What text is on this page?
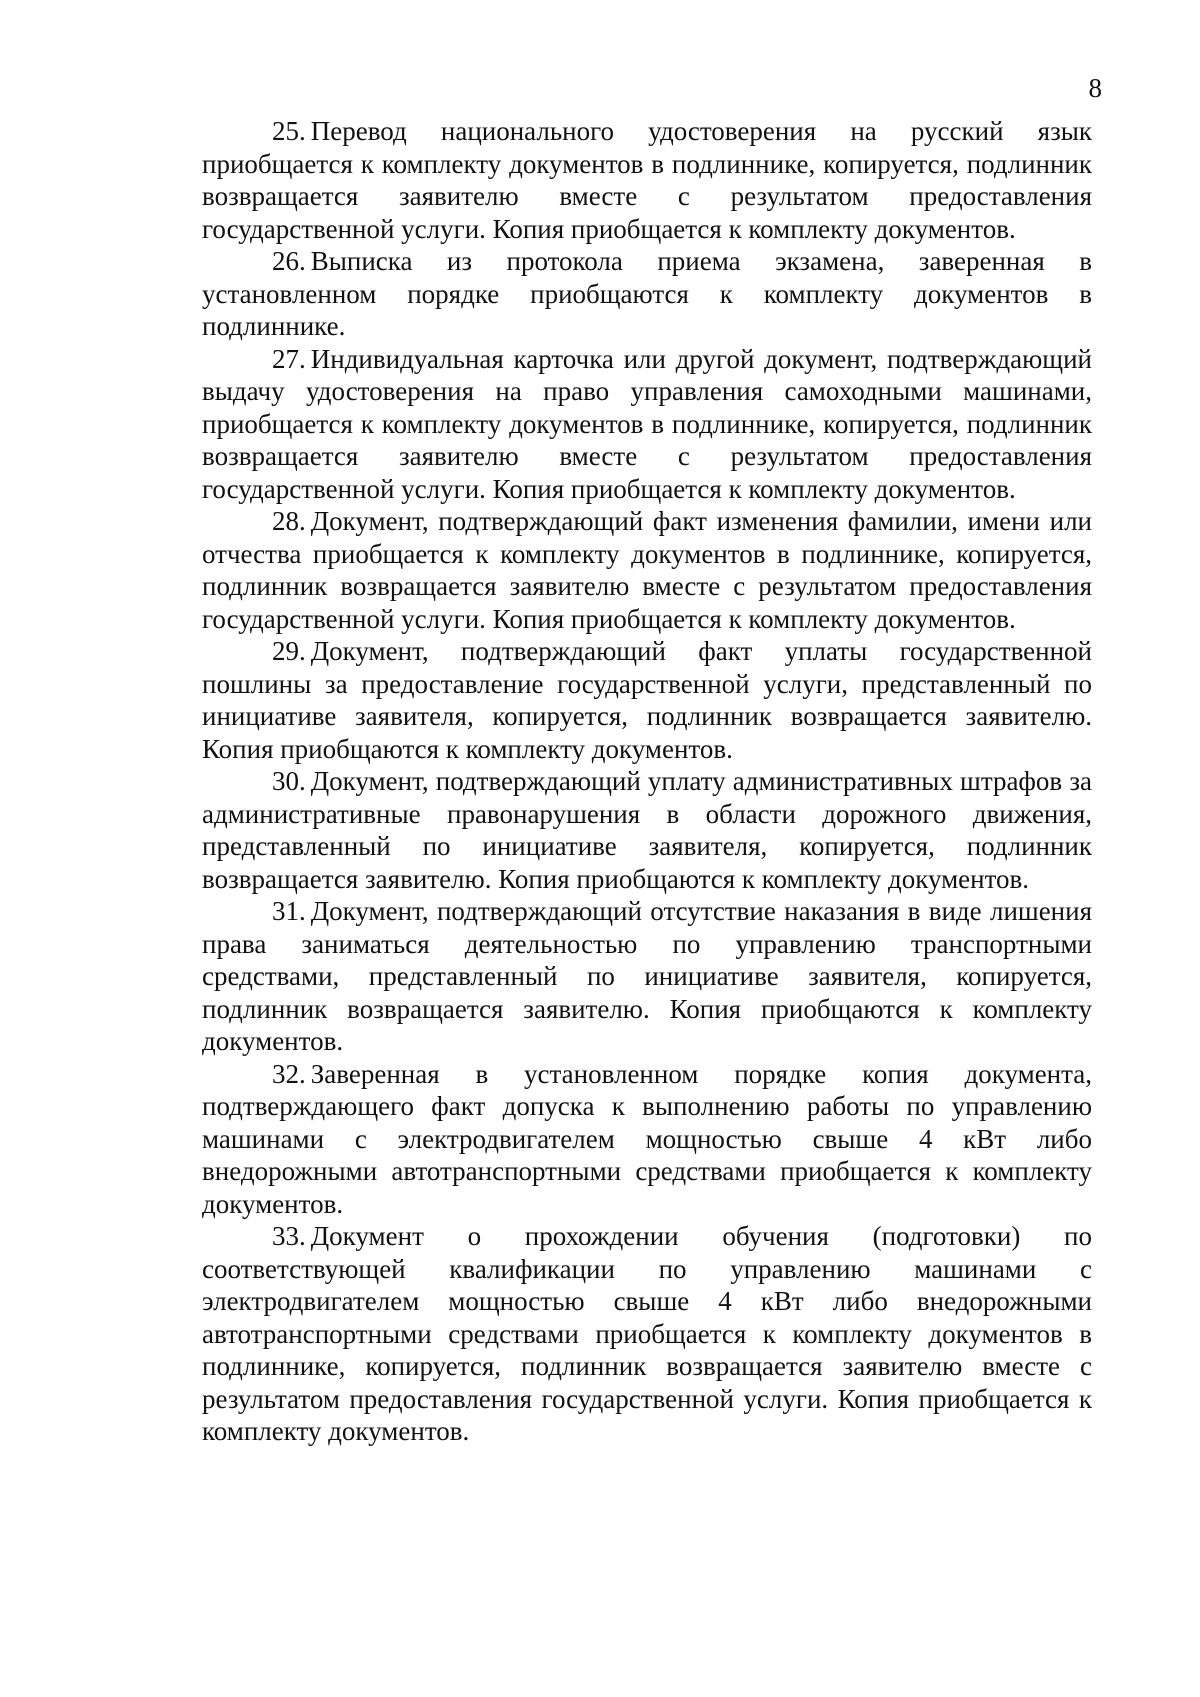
8

25. Перевод национального удостоверения на русский язык приобщается к комплекту документов в подлиннике, копируется, подлинник возвращается заявителю вместе с результатом предоставления государственной услуги. Копия приобщается к комплекту документов.

26. Выписка из протокола приема экзамена, заверенная в установленном порядке приобщаются к комплекту документов в подлиннике.

27. Индивидуальная карточка или другой документ, подтверждающий выдачу удостоверения на право управления самоходными машинами, приобщается к комплекту документов в подлиннике, копируется, подлинник возвращается заявителю вместе с результатом предоставления государственной услуги. Копия приобщается к комплекту документов.

28. Документ, подтверждающий факт изменения фамилии, имени или отчества приобщается к комплекту документов в подлиннике, копируется, подлинник возвращается заявителю вместе с результатом предоставления государственной услуги. Копия приобщается к комплекту документов.

29. Документ, подтверждающий факт уплаты государственной пошлины за предоставление государственной услуги, представленный по инициативе заявителя, копируется, подлинник возвращается заявителю. Копия приобщаются к комплекту документов.

30. Документ, подтверждающий уплату административных штрафов за административные правонарушения в области дорожного движения, представленный по инициативе заявителя, копируется, подлинник возвращается заявителю. Копия приобщаются к комплекту документов.

31. Документ, подтверждающий отсутствие наказания в виде лишения права заниматься деятельностью по управлению транспортными средствами, представленный по инициативе заявителя, копируется, подлинник возвращается заявителю. Копия приобщаются к комплекту документов.

32. Заверенная в установленном порядке копия документа, подтверждающего факт допуска к выполнению работы по управлению машинами с электродвигателем мощностью свыше 4 кВт либо внедорожными автотранспортными средствами приобщается к комплекту документов.

33. Документ о прохождении обучения (подготовки) по соответствующей квалификации по управлению машинами с электродвигателем мощностью свыше 4 кВт либо внедорожными автотранспортными средствами приобщается к комплекту документов в подлиннике, копируется, подлинник возвращается заявителю вместе с результатом предоставления государственной услуги. Копия приобщается к комплекту документов.
